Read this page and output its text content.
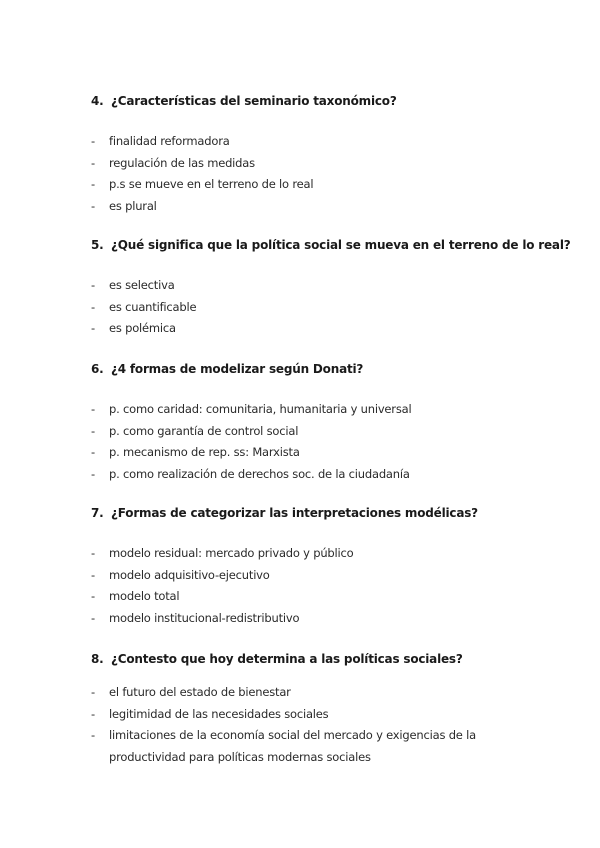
4. ¿Características del seminario taxonómico?
- finalidad reformadora
- regulación de las medidas
- p.s se mueve en el terreno de lo real
- es plural
5. ¿Qué significa que la política social se mueva en el terreno de lo real?
- es selectiva
- es cuantificable
- es polémica
6. ¿4 formas de modelizar según Donati?
- p. como caridad: comunitaria, humanitaria y universal
- p. como garantía de control social
- p. mecanismo de rep. ss: Marxista
- p. como realización de derechos soc. de la ciudadanía
7. ¿Formas de categorizar las interpretaciones modélicas?
- modelo residual: mercado privado y público
- modelo adquisitivo-ejecutivo
- modelo total
- modelo institucional-redistributivo
8. ¿Contesto que hoy determina a las políticas sociales?
- el futuro del estado de bienestar
- legitimidad de las necesidades sociales
- limitaciones de la economía social del mercado y exigencias de la productividad para políticas modernas sociales
